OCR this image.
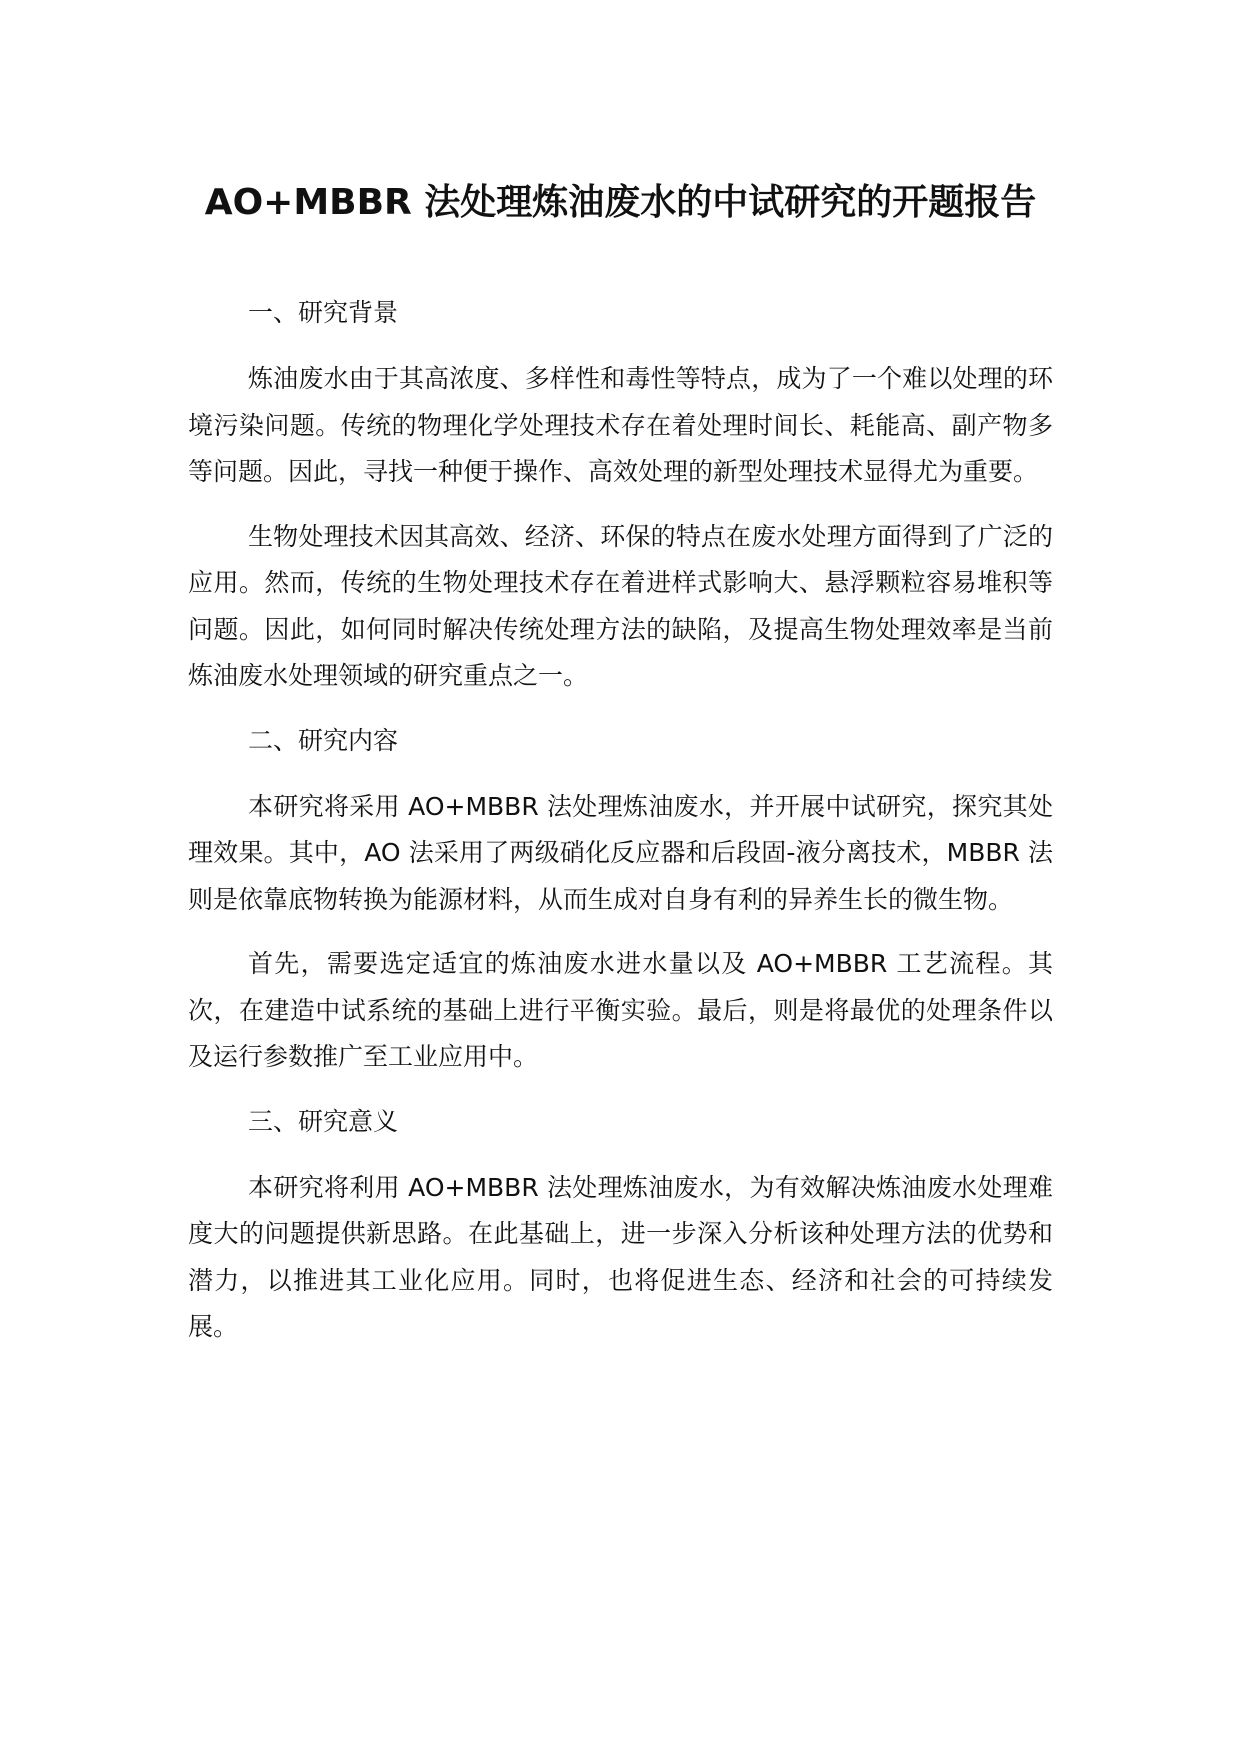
AO+MBBR 法处理炼油废水的中试研究的开题报告
一、研究背景

炼油废水由于其高浓度、多样性和毒性等特点，成为了一个难以处理的环境污染问题。传统的物理化学处理技术存在着处理时间长、耗能高、副产物多等问题。因此，寻找一种便于操作、高效处理的新型处理技术显得尤为重要。

生物处理技术因其高效、经济、环保的特点在废水处理方面得到了广泛的应用。然而，传统的生物处理技术存在着进样式影响大、悬浮颗粒容易堆积等问题。因此，如何同时解决传统处理方法的缺陷，及提高生物处理效率是当前炼油废水处理领域的研究重点之一。

二、研究内容

本研究将采用 AO+MBBR 法处理炼油废水，并开展中试研究，探究其处理效果。其中，AO 法采用了两级硝化反应器和后段固-液分离技术，MBBR 法则是依靠底物转换为能源材料，从而生成对自身有利的异养生长的微生物。

首先，需要选定适宜的炼油废水进水量以及 AO+MBBR 工艺流程。其次，在建造中试系统的基础上进行平衡实验。最后，则是将最优的处理条件以及运行参数推广至工业应用中。

三、研究意义

本研究将利用 AO+MBBR 法处理炼油废水，为有效解决炼油废水处理难度大的问题提供新思路。在此基础上，进一步深入分析该种处理方法的优势和潜力，以推进其工业化应用。同时，也将促进生态、经济和社会的可持续发展。
